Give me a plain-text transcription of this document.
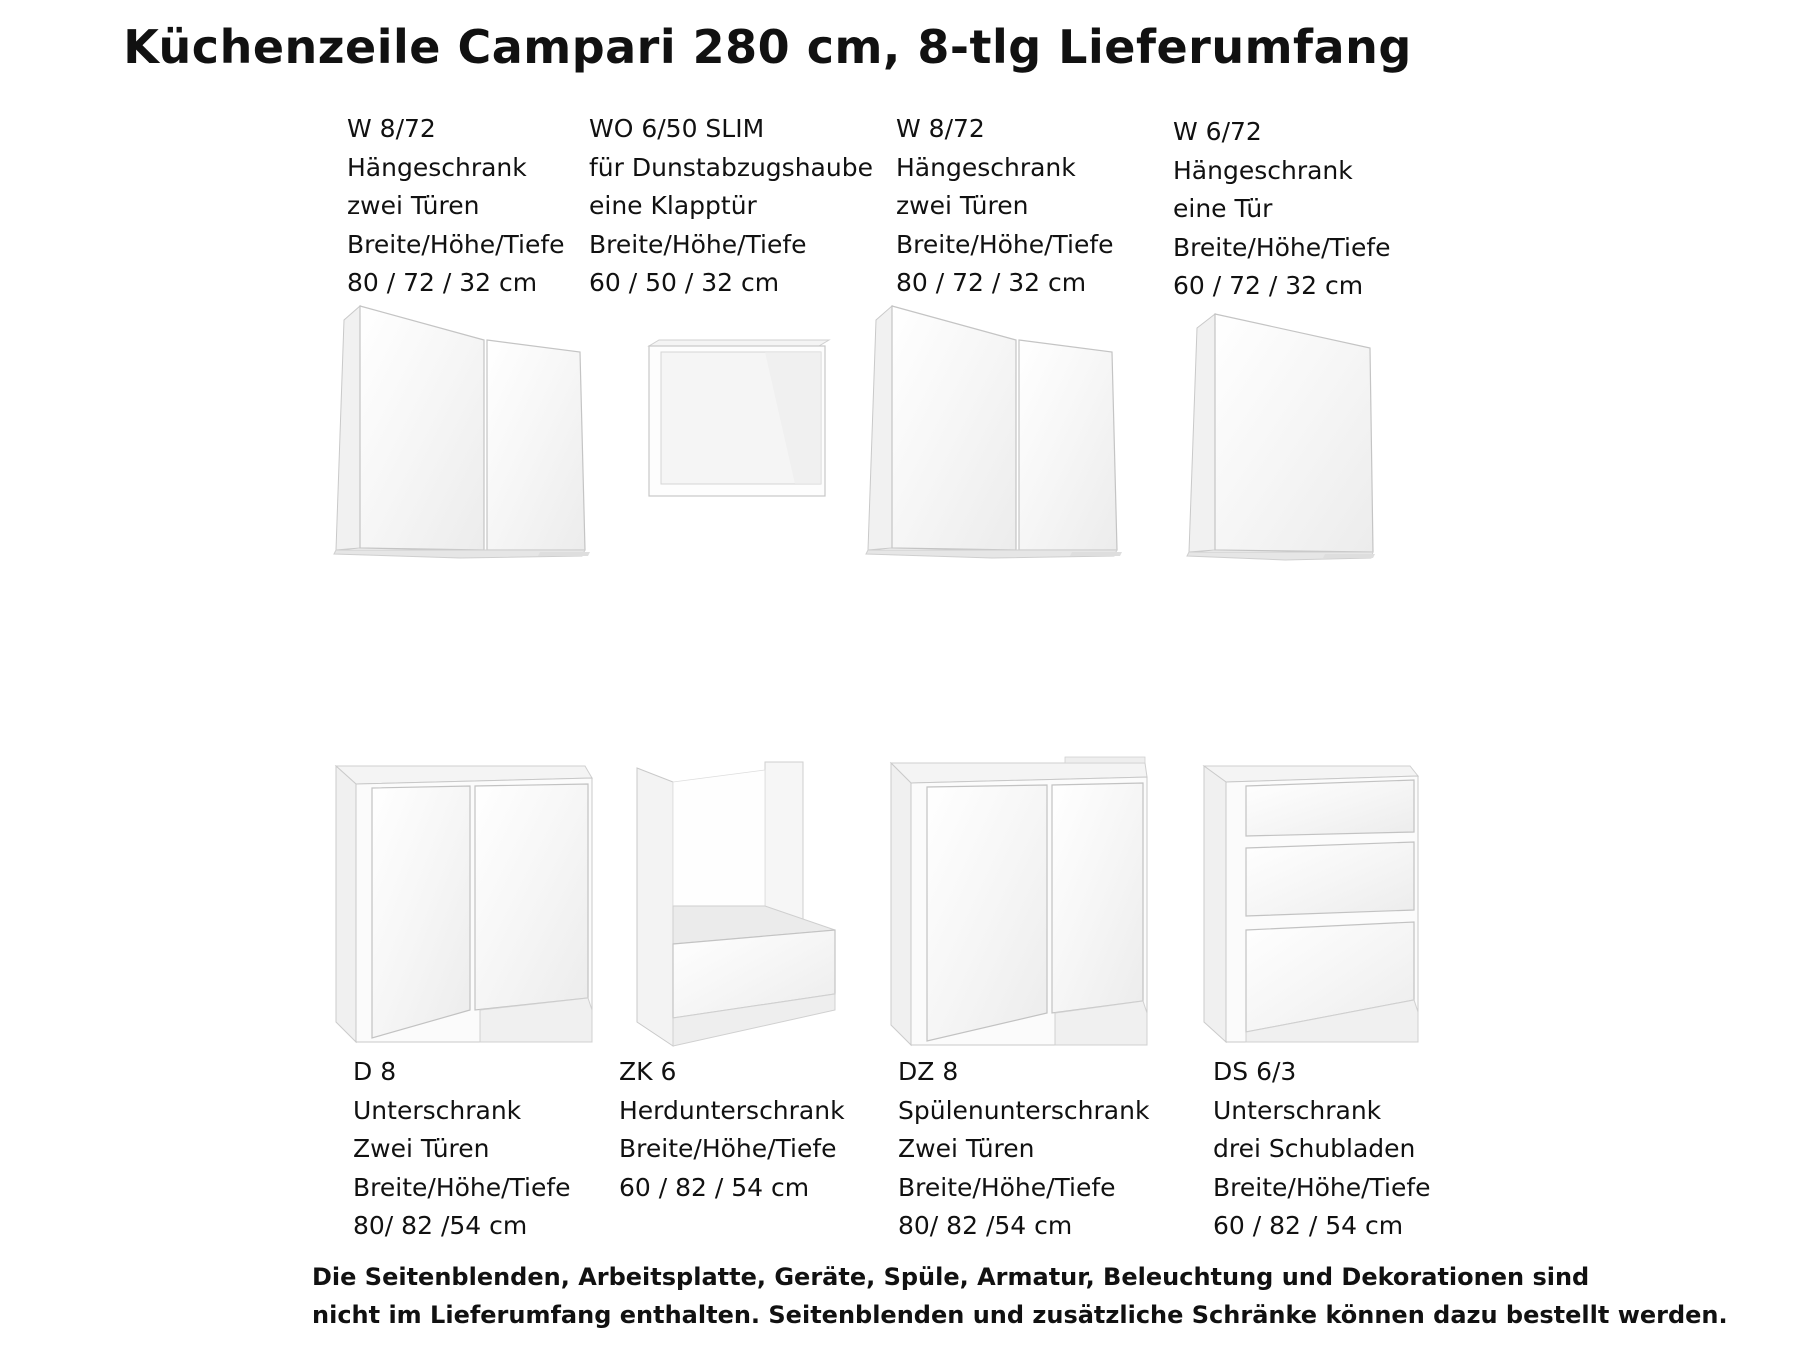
Küchenzeile Campari 280 cm, 8-tlg Lieferumfang
W 8/72
Hängeschrank
zwei Türen
Breite/Höhe/Tiefe
80 / 72 / 32 cm
WO 6/50 SLIM
für Dunstabzugshaube
eine Klapptür
Breite/Höhe/Tiefe
60 / 50 / 32 cm
W 8/72
Hängeschrank
zwei Türen
Breite/Höhe/Tiefe
80 / 72 / 32 cm
W 6/72
Hängeschrank
eine Tür
Breite/Höhe/Tiefe
60 / 72 / 32 cm
D 8
Unterschrank
Zwei Türen
Breite/Höhe/Tiefe
80/ 82 /54 cm
ZK 6
Herdunterschrank
Breite/Höhe/Tiefe
60 / 82 / 54 cm
DZ 8
Spülenunterschrank
Zwei Türen
Breite/Höhe/Tiefe
80/ 82 /54 cm
DS 6/3
Unterschrank
drei Schubladen
Breite/Höhe/Tiefe
60 / 82 / 54 cm
Die Seitenblenden, Arbeitsplatte, Geräte, Spüle, Armatur, Beleuchtung und Dekorationen sind
nicht im Lieferumfang enthalten. Seitenblenden und zusätzliche Schränke können dazu bestellt werden.
